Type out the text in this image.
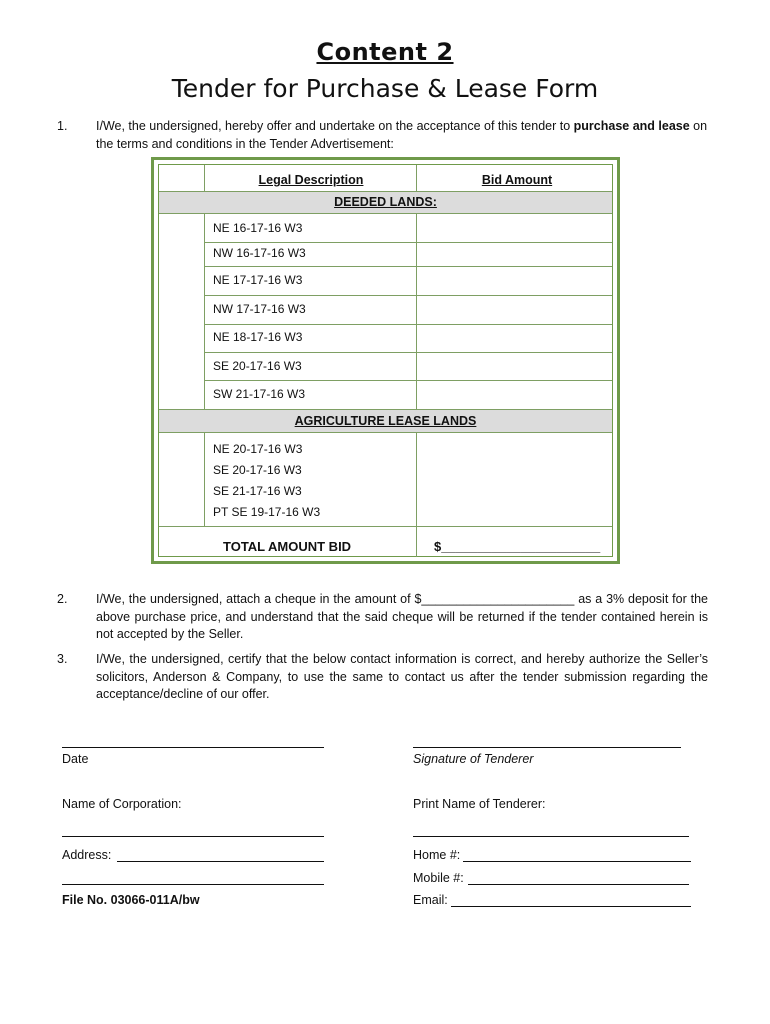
Content 2
Tender for Purchase & Lease Form
1. I/We, the undersigned, hereby offer and undertake on the acceptance of this tender to purchase and lease on the terms and conditions in the Tender Advertisement:
Legal Description	Bid Amount
DEEDED LANDS:
NE 16-17-16 W3
NW 16-17-16 W3
NE 17-17-16 W3
NW 17-17-16 W3
NE 18-17-16 W3
SE 20-17-16 W3
SW 21-17-16 W3
AGRICULTURE LEASE LANDS
NE 20-17-16 W3
SE 20-17-16 W3
SE 21-17-16 W3
PT SE 19-17-16 W3
TOTAL AMOUNT BID	$______________________
2. I/We, the undersigned, attach a cheque in the amount of $______________________ as a 3% deposit for the above purchase price, and understand that the said cheque will be returned if the tender contained herein is not accepted by the Seller.
3. I/We, the undersigned, certify that the below contact information is correct, and hereby authorize the Seller’s solicitors, Anderson & Company, to use the same to contact us after the tender submission regarding the acceptance/decline of our offer.
Date	Signature of Tenderer
Name of Corporation:	Print Name of Tenderer:
Address:	Home #:
Mobile #:
File No. 03066-011A/bw	Email:
